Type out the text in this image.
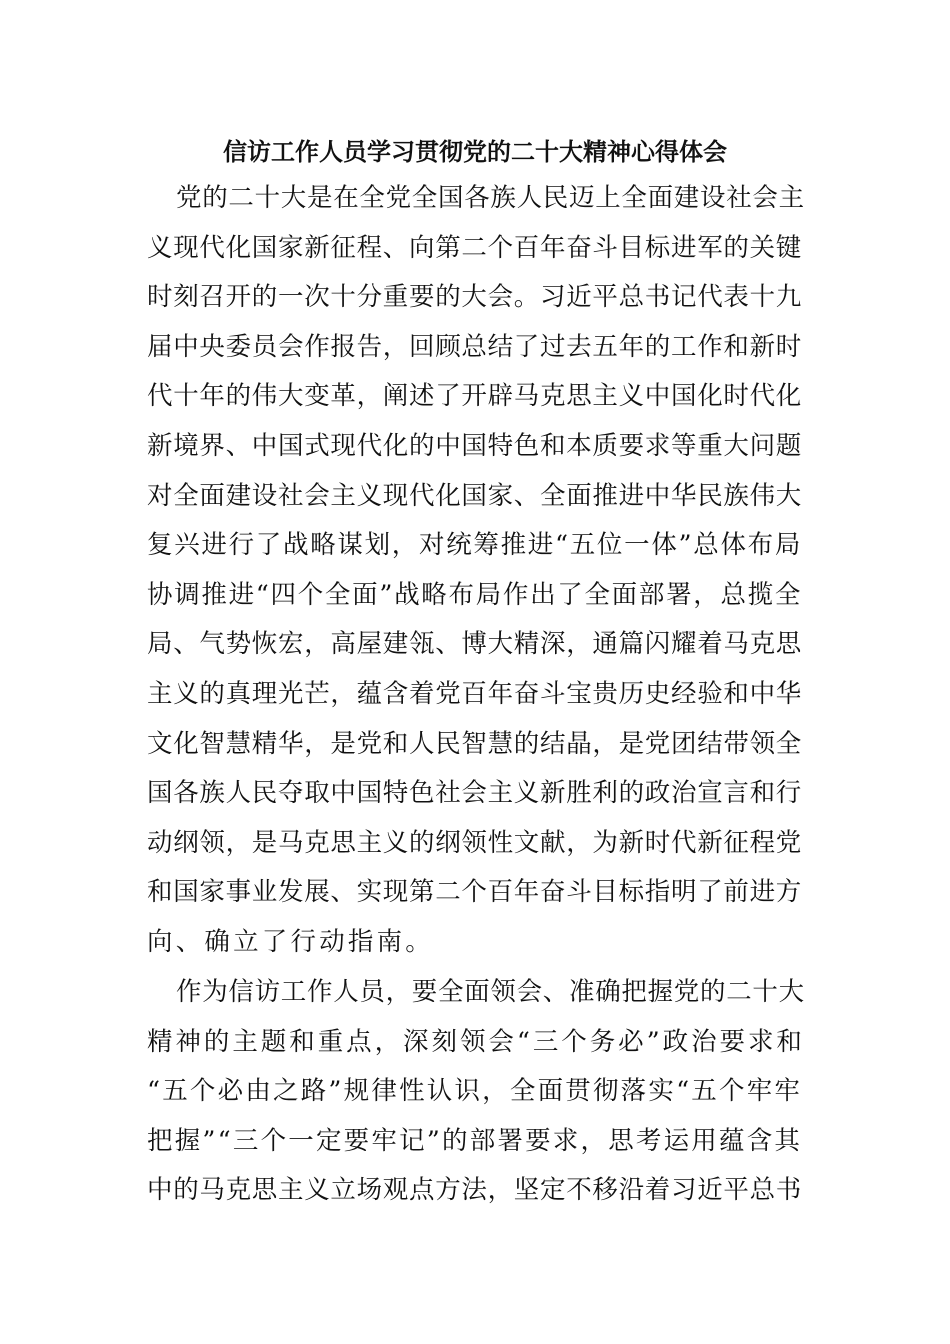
信访工作人员学习贯彻党的二十大精神心得体会
党的二十大是在全党全国各族人民迈上全面建设社会主
义现代化国家新征程、向第二个百年奋斗目标进军的关键
时刻召开的一次十分重要的大会。习近平总书记代表十九
届中央委员会作报告，回顾总结了过去五年的工作和新时
代十年的伟大变革，阐述了开辟马克思主义中国化时代化
新境界、中国式现代化的中国特色和本质要求等重大问题
对全面建设社会主义现代化国家、全面推进中华民族伟大
复兴进行了战略谋划，对统筹推进“五位一体”总体布局
协调推进“四个全面”战略布局作出了全面部署，总揽全
局、气势恢宏，高屋建瓴、博大精深，通篇闪耀着马克思
主义的真理光芒，蕴含着党百年奋斗宝贵历史经验和中华
文化智慧精华，是党和人民智慧的结晶，是党团结带领全
国各族人民夺取中国特色社会主义新胜利的政治宣言和行
动纲领，是马克思主义的纲领性文献，为新时代新征程党
和国家事业发展、实现第二个百年奋斗目标指明了前进方
向、确立了行动指南。
作为信访工作人员，要全面领会、准确把握党的二十大
精神的主题和重点，深刻领会“三个务必”政治要求和
“五个必由之路”规律性认识，全面贯彻落实“五个牢牢
把握”“三个一定要牢记”的部署要求，思考运用蕴含其
中的马克思主义立场观点方法，坚定不移沿着习近平总书
